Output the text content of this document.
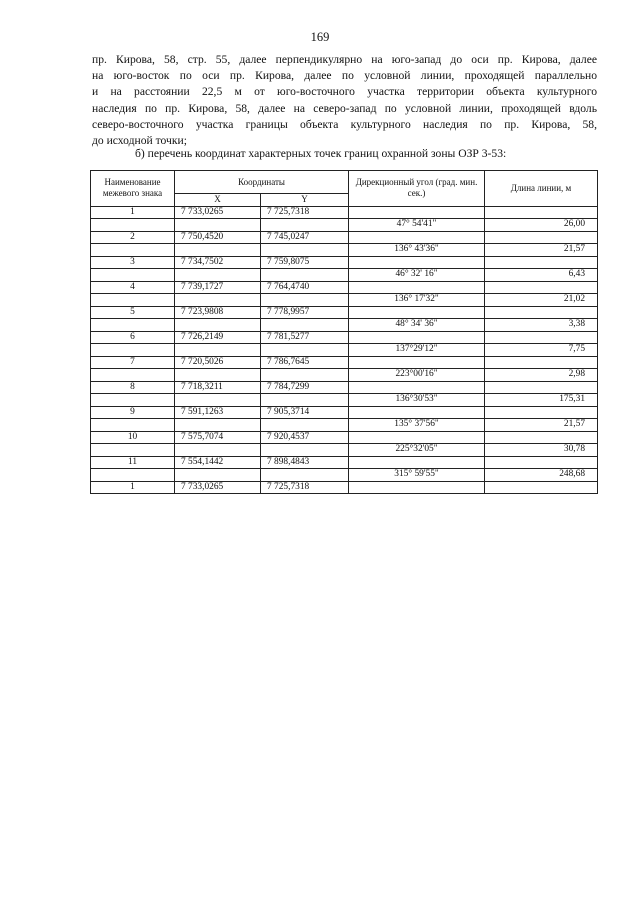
169
пр. Кирова, 58, стр. 55, далее перпендикулярно на юго-запад до оси пр. Кирова, далее
на юго-восток по оси пр. Кирова, далее по условной линии, проходящей параллельно
и на расстоянии 22,5 м от юго-восточного участка территории объекта культурного
наследия по пр. Кирова, 58, далее на северо-запад по условной линии, проходящей вдоль
северо-восточного участка границы объекта культурного наследия по пр. Кирова, 58,
до исходной точки;
б) перечень координат характерных точек границ охранной зоны ОЗР 3-53:
Наименование межевого знака	Координаты		Дирекционный угол (град. мин. сек.)	Длина линии, м
	X	Y		
1	7 733,0265	7 725,7318		
			47° 54'41"	26,00
2	7 750,4520	7 745,0247		
			136° 43'36"	21,57
3	7 734,7502	7 759,8075		
			46° 32' 16"	6,43
4	7 739,1727	7 764,4740		
			136° 17'32"	21,02
5	7 723,9808	7 778,9957		
			48° 34' 36"	3,38
6	7 726,2149	7 781,5277		
			137°29'12"	7,75
7	7 720,5026	7 786,7645		
			223°00'16"	2,98
8	7 718,3211	7 784,7299		
			136°30'53"	175,31
9	7 591,1263	7 905,3714		
			135° 37'56"	21,57
10	7 575,7074	7 920,4537		
			225°32'05"	30,78
11	7 554,1442	7 898,4843		
			315° 59'55"	248,68
1	7 733,0265	7 725,7318		
